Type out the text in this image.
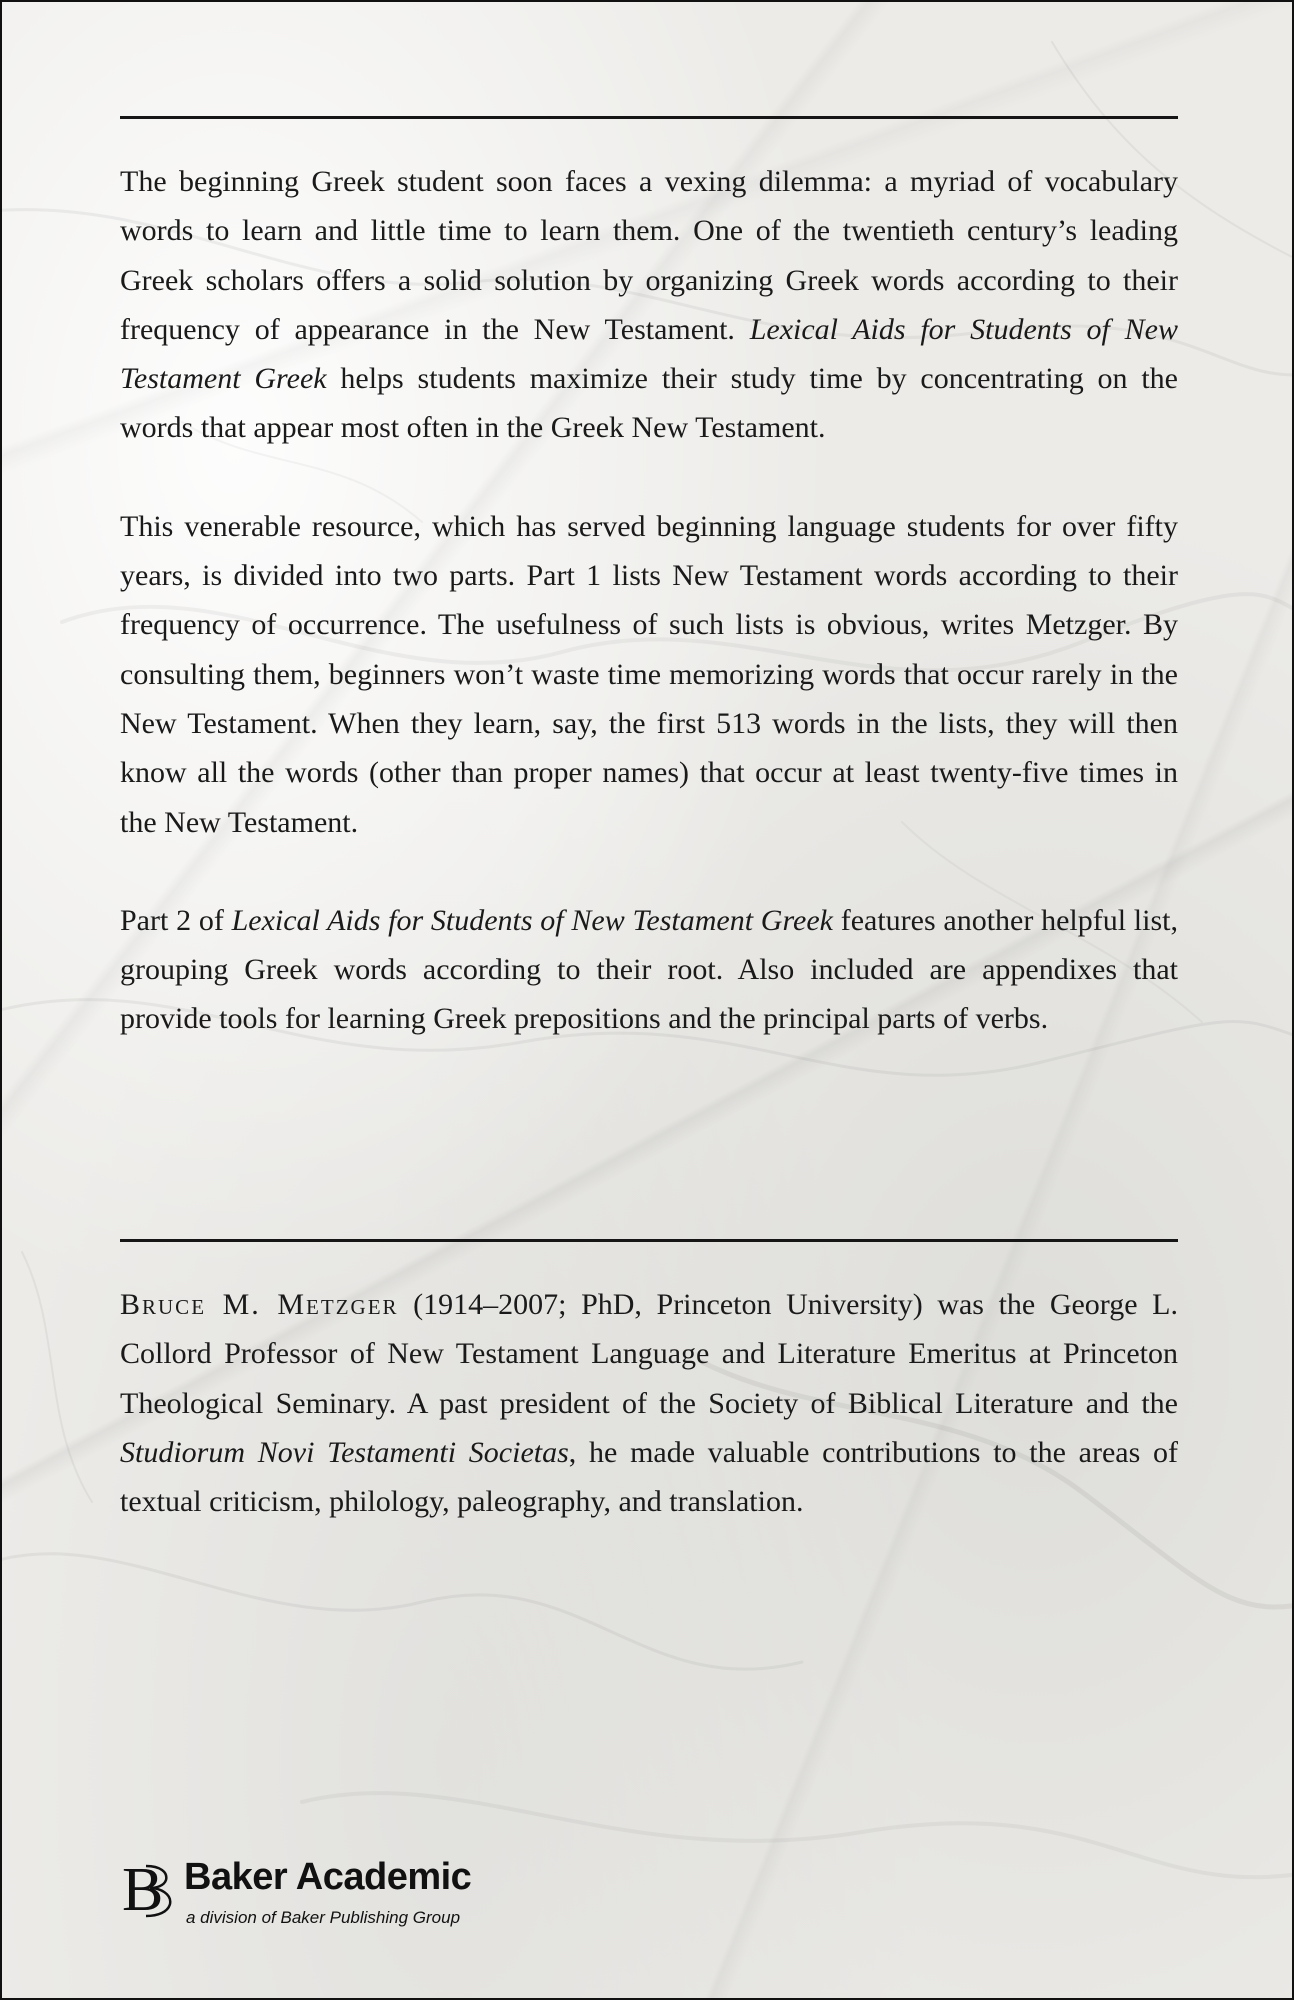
The beginning Greek student soon faces a vexing dilemma: a myriad of vocabulary words to learn and little time to learn them. One of the twentieth century’s leading Greek scholars offers a solid solution by organizing Greek words according to their frequency of appearance in the New Testament. Lexical Aids for Students of New Testament Greek helps students maximize their study time by concentrating on the words that appear most often in the Greek New Testament.

This venerable resource, which has served beginning language students for over fifty years, is divided into two parts. Part 1 lists New Testament words according to their frequency of occurrence. The usefulness of such lists is obvious, writes Metzger. By consulting them, beginners won’t waste time memorizing words that occur rarely in the New Testament. When they learn, say, the first 513 words in the lists, they will then know all the words (other than proper names) that occur at least twenty-five times in the New Testament.

Part 2 of Lexical Aids for Students of New Testament Greek features another helpful list, grouping Greek words according to their root. Also included are appendixes that provide tools for learning Greek prepositions and the principal parts of verbs.

Bruce M. Metzger (1914–2007; PhD, Princeton University) was the George L. Collord Professor of New Testament Language and Literature Emeritus at Princeton Theological Seminary. A past president of the Society of Biblical Literature and the Studiorum Novi Testamenti Societas, he made valuable contributions to the areas of textual criticism, philology, paleography, and translation.

B Baker Academic
a division of Baker Publishing Group
